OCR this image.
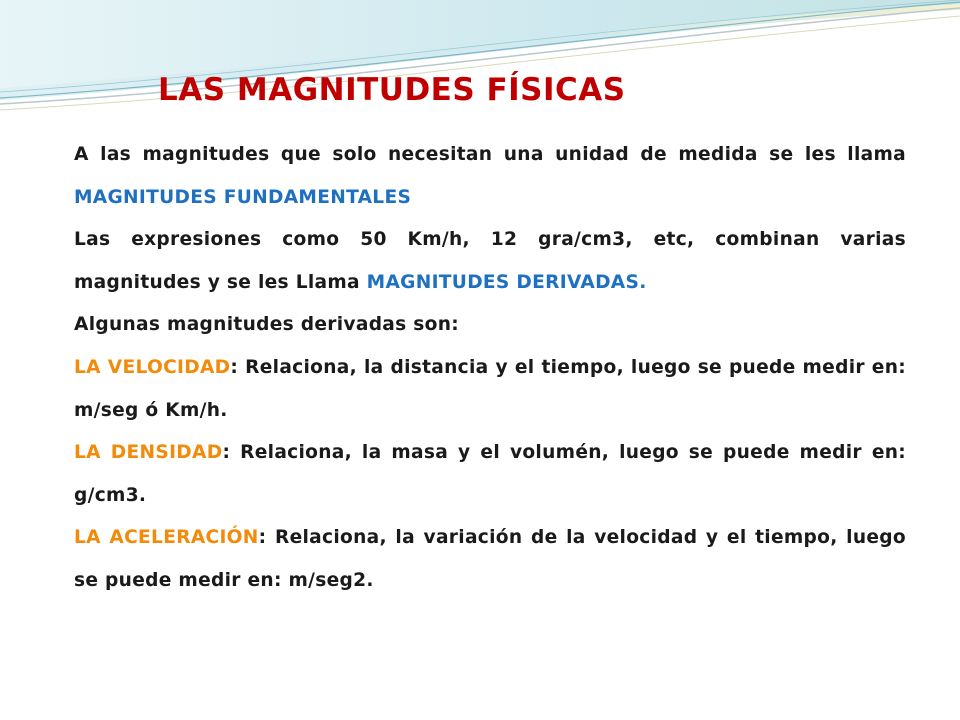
LAS MAGNITUDES FÍSICAS

A las magnitudes que solo necesitan una unidad de medida se les llama MAGNITUDES FUNDAMENTALES

Las expresiones como 50 Km/h, 12 gra/cm3, etc, combinan varias magnitudes y se les Llama MAGNITUDES DERIVADAS.

Algunas magnitudes derivadas son:

LA VELOCIDAD: Relaciona, la distancia y el tiempo, luego se puede medir en: m/seg ó Km/h.

LA DENSIDAD: Relaciona, la masa y el volumén, luego se puede medir en: g/cm3.

LA ACELERACIÓN: Relaciona, la variación de la velocidad y el tiempo, luego se puede medir en: m/seg2.
